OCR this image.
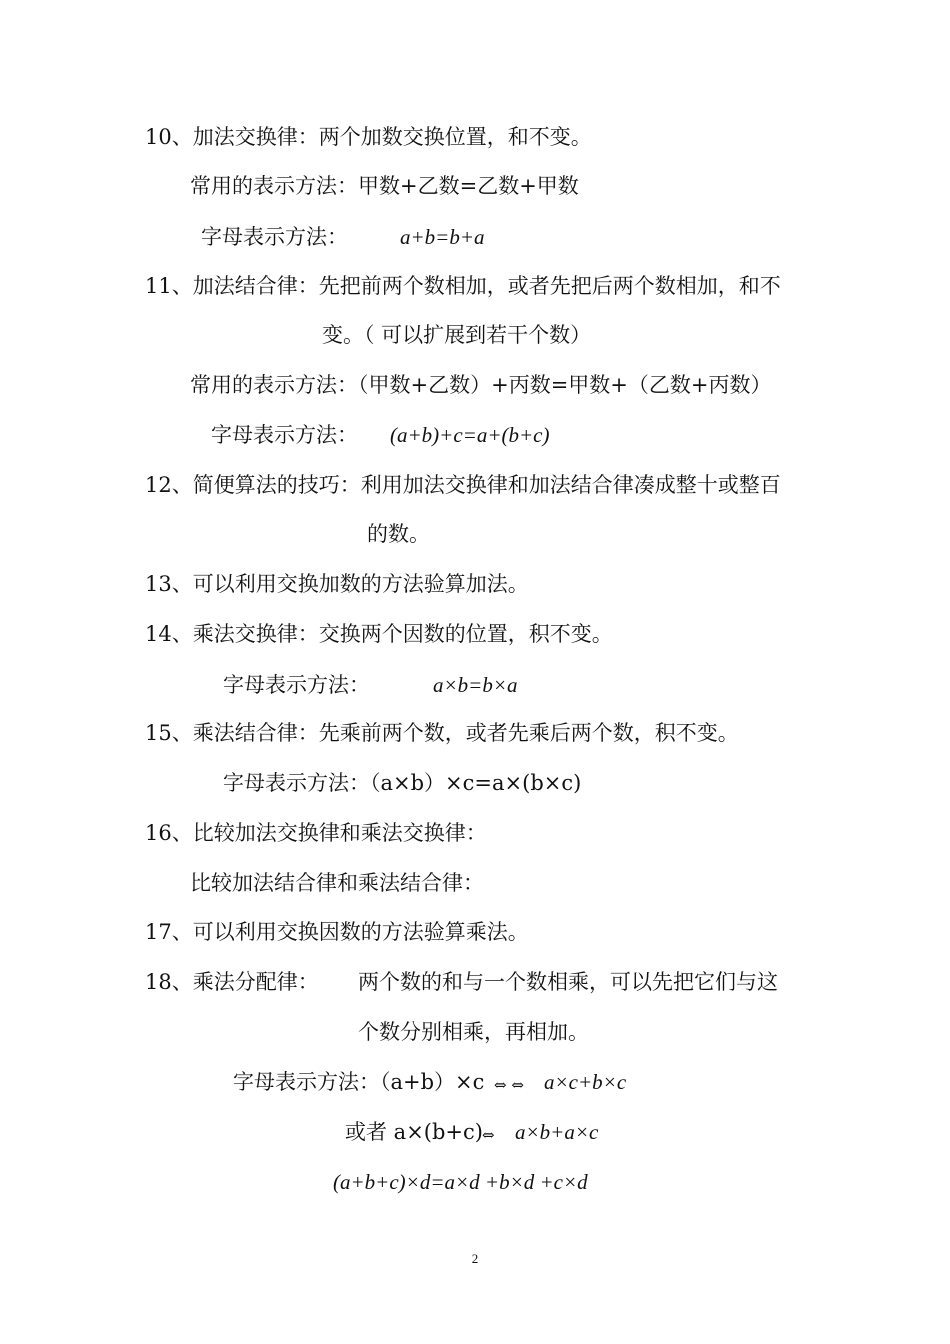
10、加法交换律：两个加数交换位置，和不变。
常用的表示方法：甲数+乙数=乙数+甲数
字母表示方法： a+b=b+a
11、加法结合律：先把前两个数相加，或者先把后两个数相加，和不
变。（ 可以扩展到若干个数）
常用的表示方法：（甲数+乙数）+丙数=甲数+（乙数+丙数）
字母表示方法： (a+b)+c=a+(b+c)
12、简便算法的技巧：利用加法交换律和加法结合律凑成整十或整百
的数。
13、可以利用交换加数的方法验算加法。
14、乘法交换律：交换两个因数的位置，积不变。
字母表示方法：	a×b=b×a
15、乘法结合律：先乘前两个数，或者先乘后两个数，积不变。
字母表示方法：（a×b）×c=a×(b×c)
16、比较加法交换律和乘法交换律：
比较加法结合律和乘法结合律：
17、可以利用交换因数的方法验算乘法。
18、乘法分配律： 两个数的和与一个数相乘，可以先把它们与这
个数分别相乘，再相加。
字母表示方法：（a+b）×c ⇔ ⇔ a×c+b×c
或者 a×(b+c) ⇔ a×b+a×c
(a+b+c)×d=a×d +b×d +c×d
2
